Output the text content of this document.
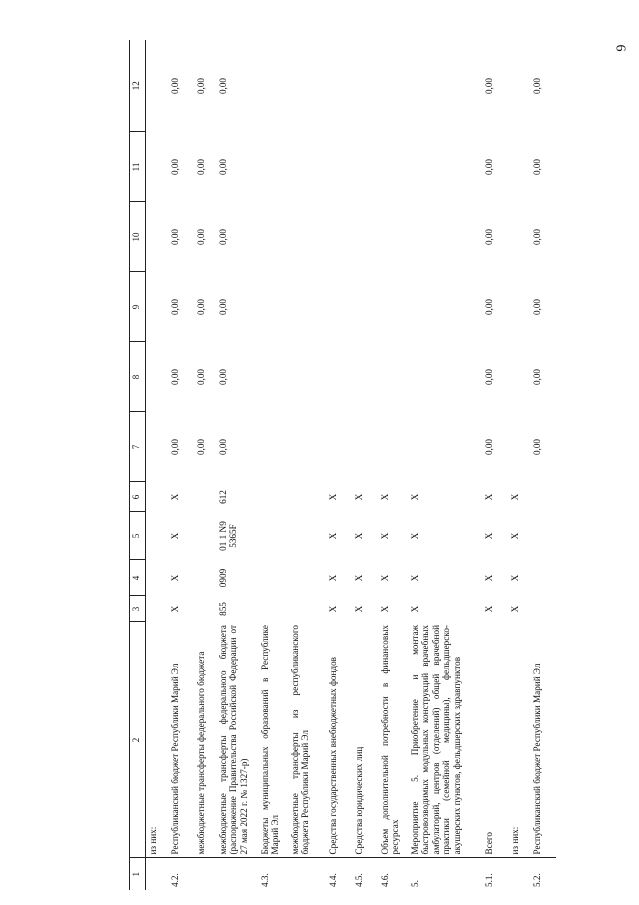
6
1	2	3	4	5	6	7	8	9	10	11	12
	из них:										
4.2.	Республиканский бюджет Республики Марий Эл	X	X	X	X	0,00	0,00	0,00	0,00	0,00	0,00
	межбюджетные трансферты федерального бюджета					0,00	0,00	0,00	0,00	0,00	0,00
	межбюджетные трансферты федерального бюджета (распоряжение Правительства Российской Федерации от 27 мая 2022 г. № 1327-р)	855	0909	01 1 N9 5365F	612	0,00	0,00	0,00	0,00	0,00	0,00
4.3.	Бюджеты муниципальных образований в Республике Марий Эл										
	межбюджетные трансферты из республиканского бюджета Республики Марий Эл										
4.4.	Средства государственных внебюджетных фондов	X	X	X	X						
4.5.	Средства юридических лиц	X	X	X	X						
4.6.	Объем дополнительной потребности в финансовых ресурсах	X	X	X	X						
5.	Мероприятие 5. Приобретение и монтаж быстровозводимых модульных конструкций врачебных амбулаторий, центров (отделений) общей врачебной практики (семейной медицины), фельдшерско-акушерских пунктов, фельдшерских здравпунктов	X	X	X	X						
5.1.	Всего	X	X	X	X	0,00	0,00	0,00	0,00	0,00	0,00
	из них:	X	X	X	X						
5.2.	Республиканский бюджет Республики Марий Эл					0,00	0,00	0,00	0,00	0,00	0,00
